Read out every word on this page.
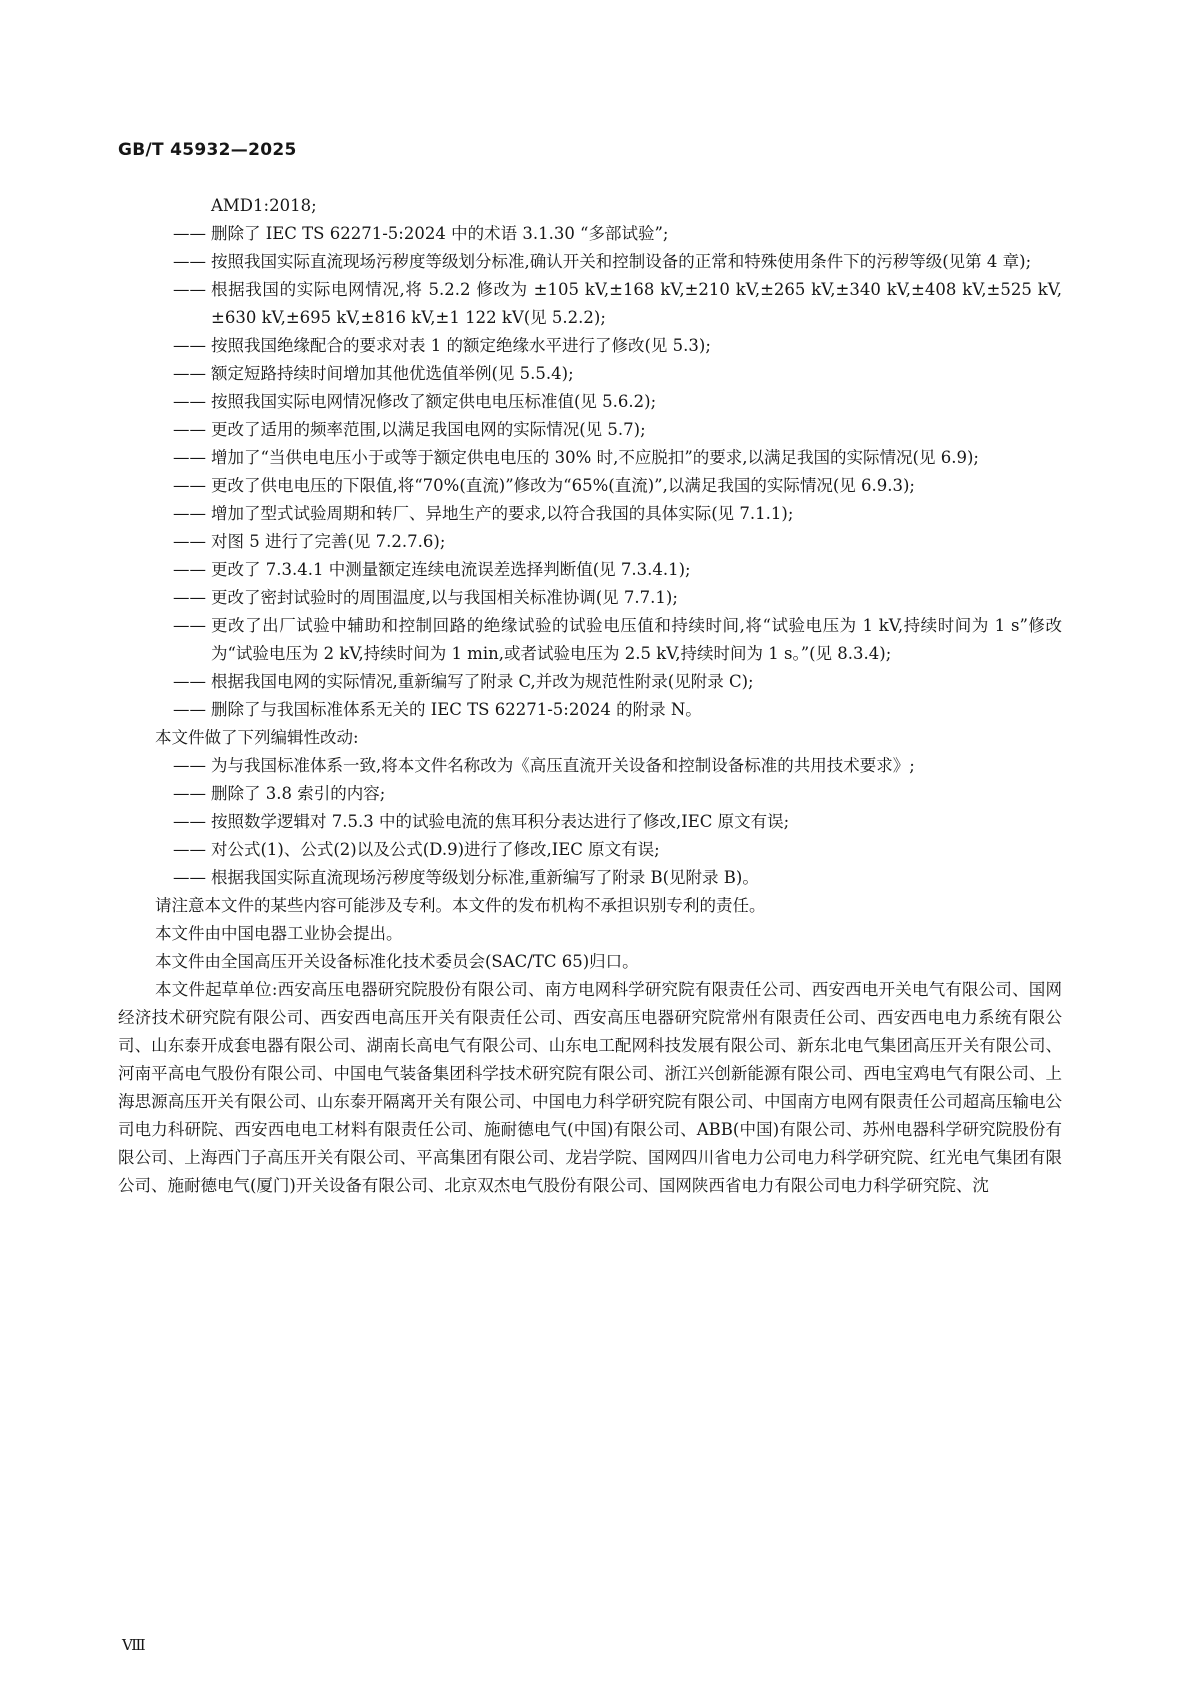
GB/T 45932—2025
AMD1:2018;
—— 删除了 IEC TS 62271-5:2024 中的术语 3.1.30 “多部试验”;
—— 按照我国实际直流现场污秽度等级划分标准,确认开关和控制设备的正常和特殊使用条件下的污秽等级(见第 4 章);
—— 根据我国的实际电网情况,将 5.2.2 修改为 ±105 kV,±168 kV,±210 kV,±265 kV,±340 kV,±408 kV,±525 kV,±630 kV,±695 kV,±816 kV,±1 122 kV(见 5.2.2);
—— 按照我国绝缘配合的要求对表 1 的额定绝缘水平进行了修改(见 5.3);
—— 额定短路持续时间增加其他优选值举例(见 5.5.4);
—— 按照我国实际电网情况修改了额定供电电压标准值(见 5.6.2);
—— 更改了适用的频率范围,以满足我国电网的实际情况(见 5.7);
—— 增加了“当供电电压小于或等于额定供电电压的 30% 时,不应脱扣”的要求,以满足我国的实际情况(见 6.9);
—— 更改了供电电压的下限值,将“70%(直流)”修改为“65%(直流)”,以满足我国的实际情况(见 6.9.3);
—— 增加了型式试验周期和转厂、异地生产的要求,以符合我国的具体实际(见 7.1.1);
—— 对图 5 进行了完善(见 7.2.7.6);
—— 更改了 7.3.4.1 中测量额定连续电流误差选择判断值(见 7.3.4.1);
—— 更改了密封试验时的周围温度,以与我国相关标准协调(见 7.7.1);
—— 更改了出厂试验中辅助和控制回路的绝缘试验的试验电压值和持续时间,将“试验电压为 1 kV,持续时间为 1 s”修改为“试验电压为 2 kV,持续时间为 1 min,或者试验电压为 2.5 kV,持续时间为 1 s。”(见 8.3.4);
—— 根据我国电网的实际情况,重新编写了附录 C,并改为规范性附录(见附录 C);
—— 删除了与我国标准体系无关的 IEC TS 62271-5:2024 的附录 N。
本文件做了下列编辑性改动:
—— 为与我国标准体系一致,将本文件名称改为《高压直流开关设备和控制设备标准的共用技术要求》;
—— 删除了 3.8 索引的内容;
—— 按照数学逻辑对 7.5.3 中的试验电流的焦耳积分表达进行了修改,IEC 原文有误;
—— 对公式(1)、公式(2)以及公式(D.9)进行了修改,IEC 原文有误;
—— 根据我国实际直流现场污秽度等级划分标准,重新编写了附录 B(见附录 B)。
请注意本文件的某些内容可能涉及专利。本文件的发布机构不承担识别专利的责任。
本文件由中国电器工业协会提出。
本文件由全国高压开关设备标准化技术委员会(SAC/TC 65)归口。
本文件起草单位:西安高压电器研究院股份有限公司、南方电网科学研究院有限责任公司、西安西电开关电气有限公司、国网经济技术研究院有限公司、西安西电高压开关有限责任公司、西安高压电器研究院常州有限责任公司、西安西电电力系统有限公司、山东泰开成套电器有限公司、湖南长高电气有限公司、山东电工配网科技发展有限公司、新东北电气集团高压开关有限公司、河南平高电气股份有限公司、中国电气装备集团科学技术研究院有限公司、浙江兴创新能源有限公司、西电宝鸡电气有限公司、上海思源高压开关有限公司、山东泰开隔离开关有限公司、中国电力科学研究院有限公司、中国南方电网有限责任公司超高压输电公司电力科研院、西安西电电工材料有限责任公司、施耐德电气(中国)有限公司、ABB(中国)有限公司、苏州电器科学研究院股份有限公司、上海西门子高压开关有限公司、平高集团有限公司、龙岩学院、国网四川省电力公司电力科学研究院、红光电气集团有限公司、施耐德电气(厦门)开关设备有限公司、北京双杰电气股份有限公司、国网陕西省电力有限公司电力科学研究院、沈
Ⅷ
